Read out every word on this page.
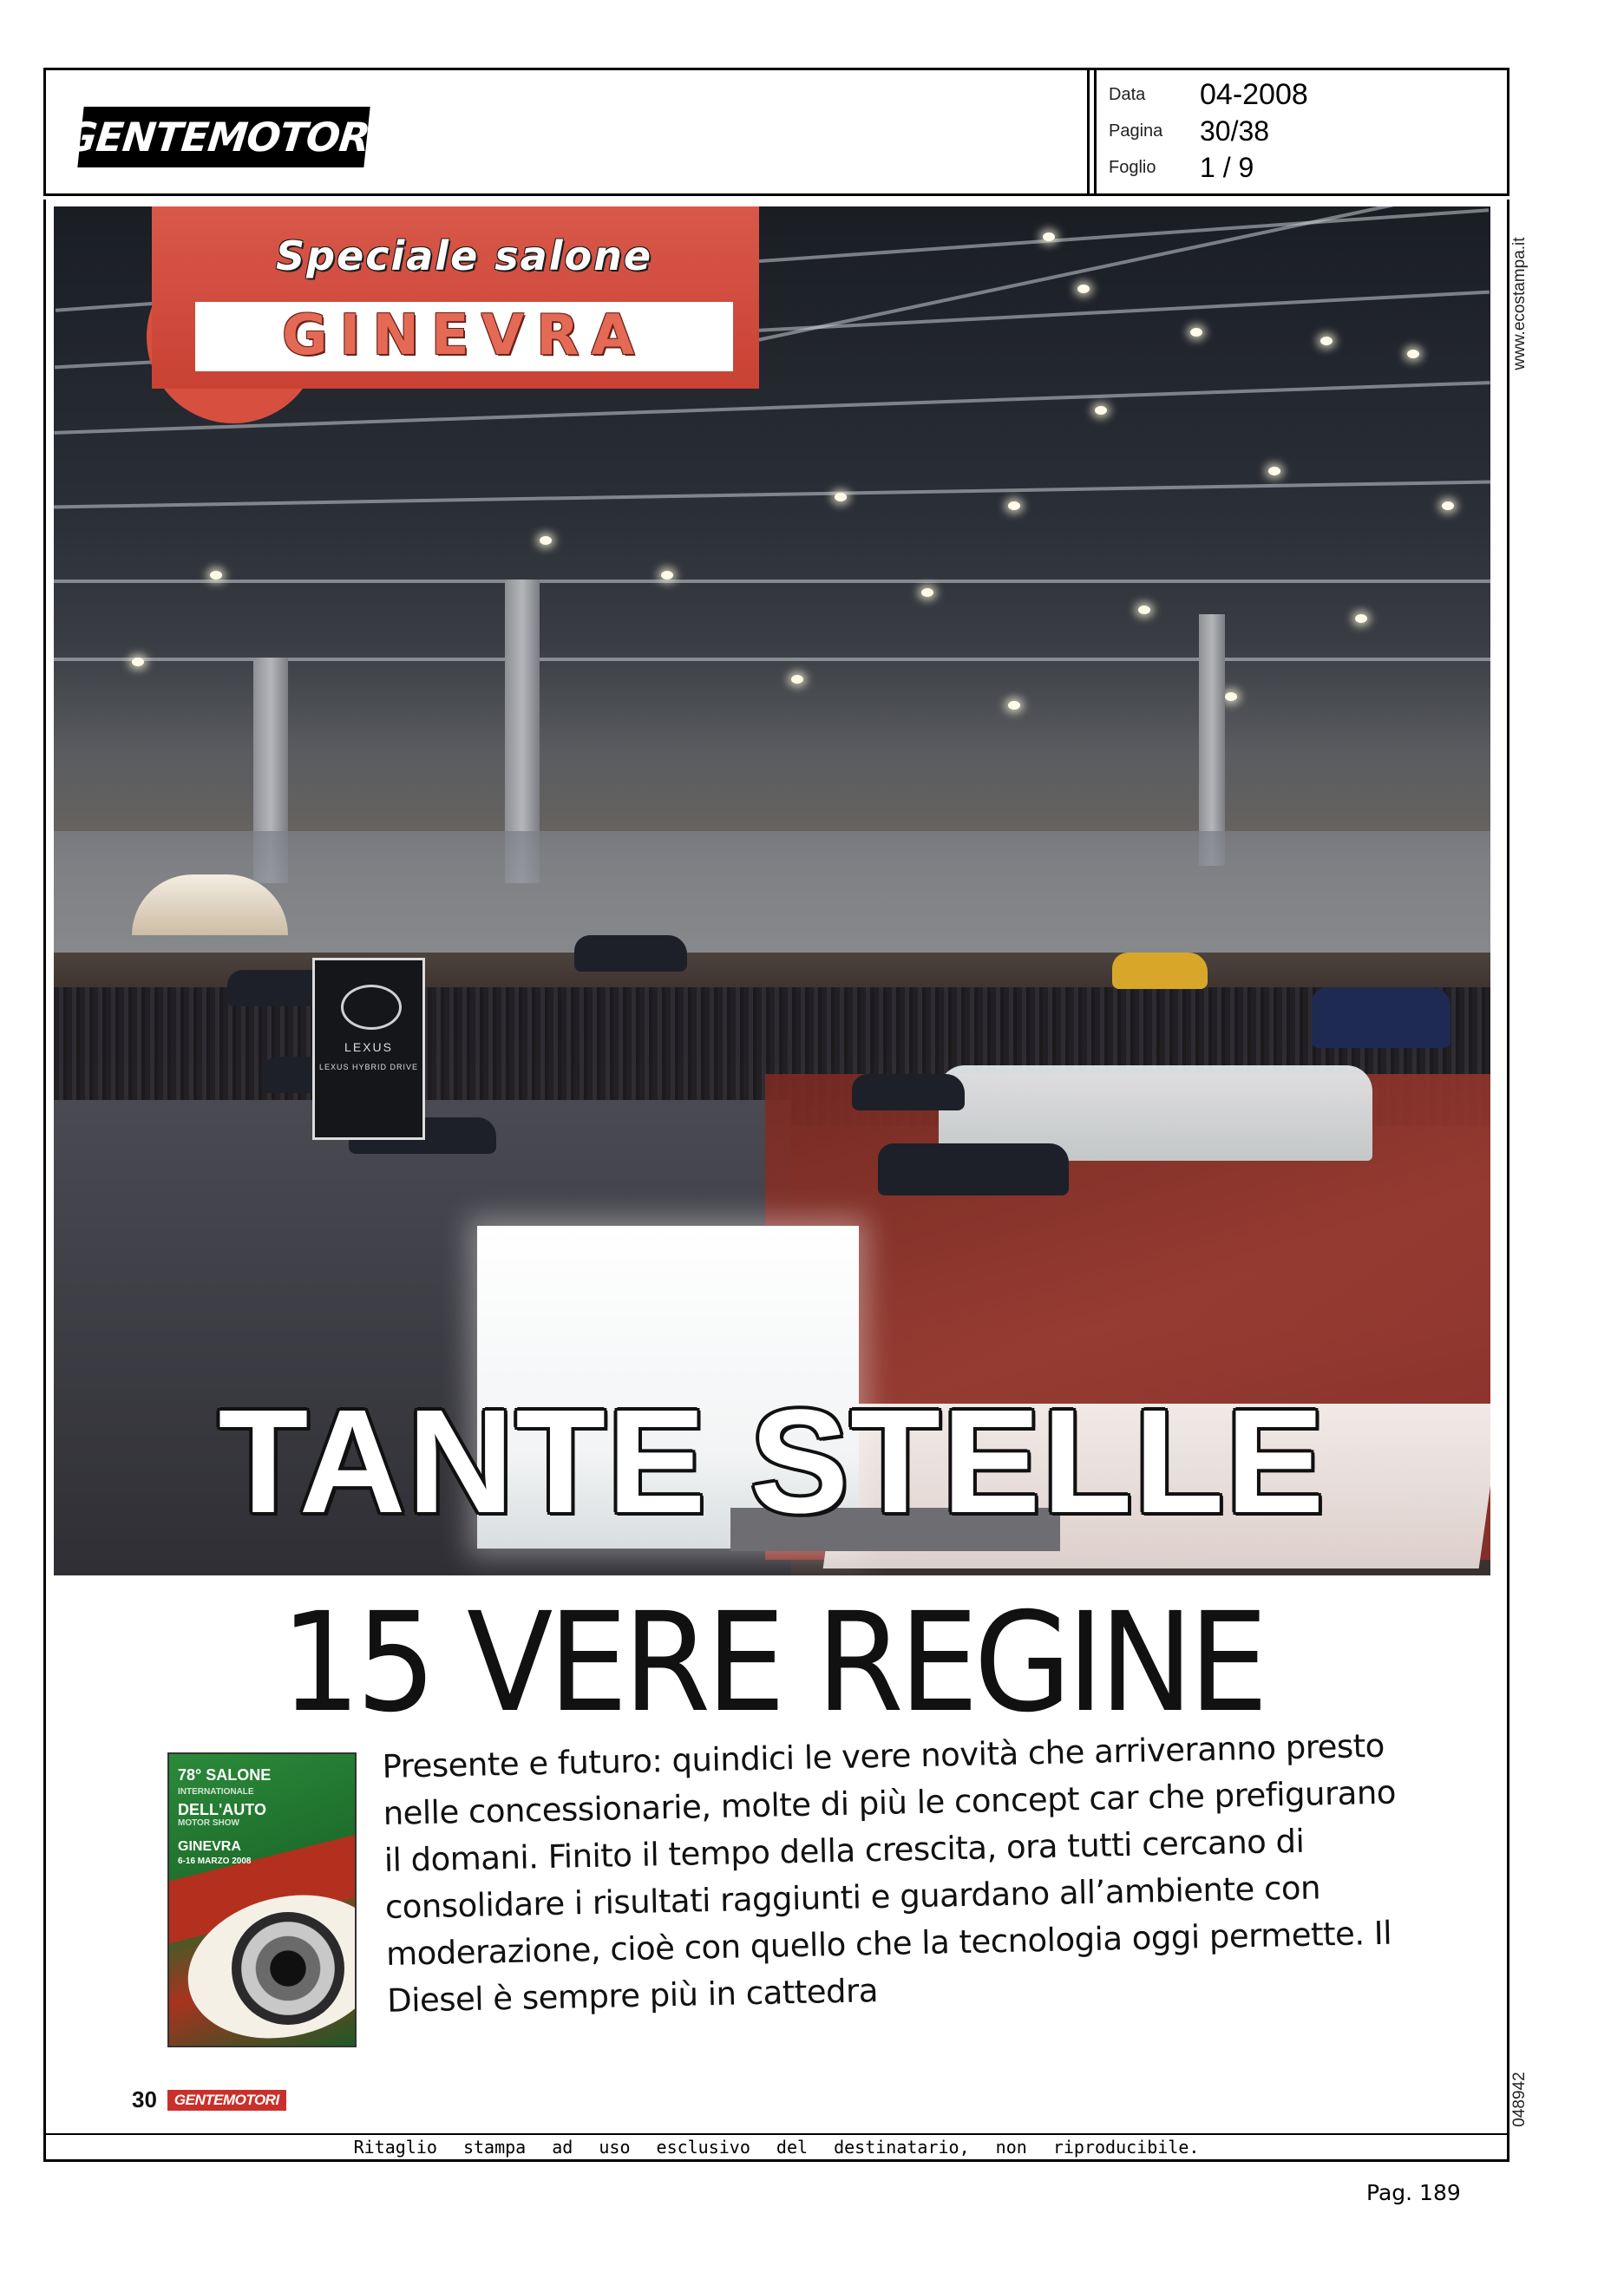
GENTEMOTORI
Data	04-2008
Pagina	30/38
Foglio	1 / 9
www.ecostampa.it
048942
LEXUS
LEXUS HYBRID DRIVE
Speciale salone
GINEVRA
TANTE STELLE
15 VERE REGINE
78° SALONE
INTERNATIONALE
DELL'AUTO
MOTOR SHOW
GINEVRA
6-16 MARZO 2008
Presente e futuro: quindici le vere novità che arriveranno presto nelle concessionarie, molte di più le concept car che prefigurano il domani. Finito il tempo della crescita, ora tutti cercano di consolidare i risultati raggiunti e guardano all’ambiente con moderazione, cioè con quello che la tecnologia oggi permette. Il Diesel è sempre più in cattedra
30	GENTEMOTORI
Ritaglio stampa ad uso esclusivo del destinatario, non riproducibile.
Pag. 189
